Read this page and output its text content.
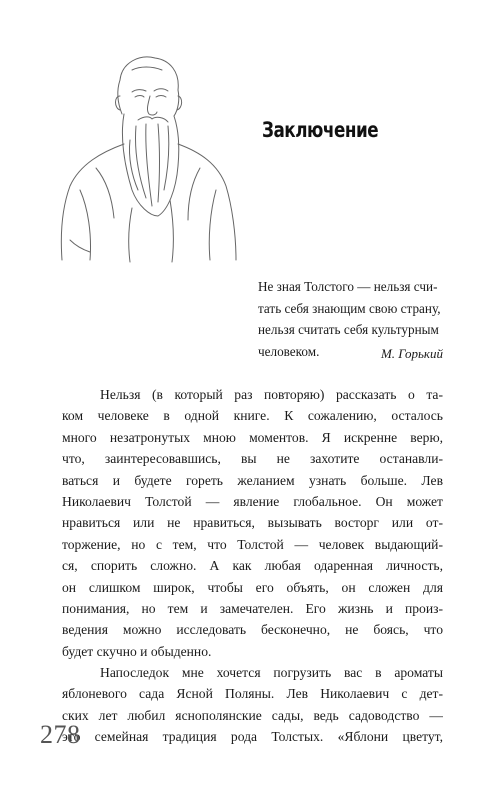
Заключение
Не зная Толстого — нельзя счи-
тать себя знающим свою страну,
нельзя считать себя культурным
человеком.	М. Горький
Нельзя (в который раз повторяю) рассказать о та-
ком человеке в одной книге. К сожалению, осталось
много незатронутых мною моментов. Я искренне верю,
что, заинтересовавшись, вы не захотите останавли-
ваться и будете гореть желанием узнать больше. Лев
Николаевич Толстой — явление глобальное. Он может
нравиться или не нравиться, вызывать восторг или от-
торжение, но с тем, что Толстой — человек выдающий-
ся, спорить сложно. А как любая одаренная личность,
он слишком широк, чтобы его объять, он сложен для
понимания, но тем и замечателен. Его жизнь и произ-
ведения можно исследовать бесконечно, не боясь, что
будет скучно и обыденно.
Напоследок мне хочется погрузить вас в ароматы
яблоневого сада Ясной Поляны. Лев Николаевич с дет-
ских лет любил яснополянские сады, ведь садоводство —
это семейная традиция рода Толстых. «Яблони цветут,
278
